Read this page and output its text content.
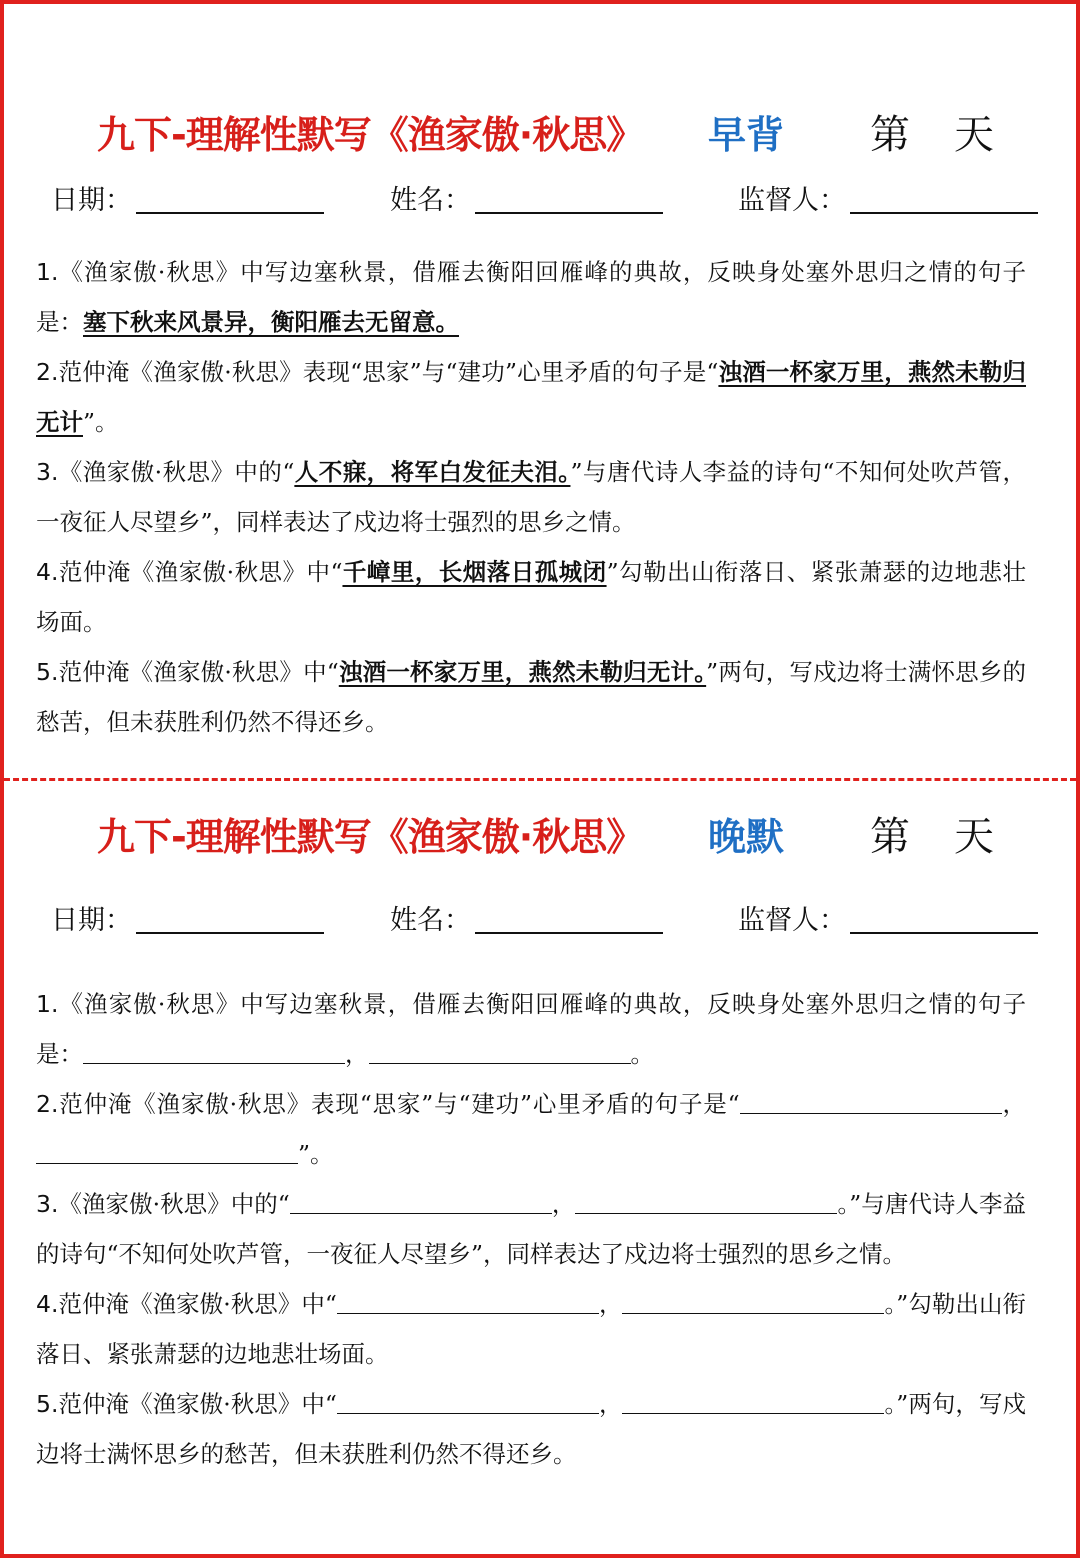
九下-理解性默写《渔家傲·秋思》 早背 第 天
日期：	姓名：	监督人：

1.《渔家傲·秋思》中写边塞秋景，借雁去衡阳回雁峰的典故，反映身处塞外思归之情的句子是：塞下秋来风景异，衡阳雁去无留意。

2.范仲淹《渔家傲·秋思》表现“思家”与“建功”心里矛盾的句子是“浊酒一杯家万里，燕然未勒归无计”。

3.《渔家傲·秋思》中的“人不寐，将军白发征夫泪。”与唐代诗人李益的诗句“不知何处吹芦管，一夜征人尽望乡”，同样表达了戍边将士强烈的思乡之情。

4.范仲淹《渔家傲·秋思》中“千嶂里，长烟落日孤城闭”勾勒出山衔落日、紧张萧瑟的边地悲壮场面。

5.范仲淹《渔家傲·秋思》中“浊酒一杯家万里，燕然未勒归无计。”两句，写戍边将士满怀思乡的愁苦，但未获胜利仍然不得还乡。

九下-理解性默写《渔家傲·秋思》 晚默 第 天
日期：	姓名：	监督人：

1.《渔家傲·秋思》中写边塞秋景，借雁去衡阳回雁峰的典故，反映身处塞外思归之情的句子是：	，	。

2.范仲淹《渔家傲·秋思》表现“思家”与“建功”心里矛盾的句子是“	，”。

3.《渔家傲·秋思》中的“	，	。”与唐代诗人李益的诗句“不知何处吹芦管，一夜征人尽望乡”，同样表达了戍边将士强烈的思乡之情。

4.范仲淹《渔家傲·秋思》中“	，	。”勾勒出山衔落日、紧张萧瑟的边地悲壮场面。

5.范仲淹《渔家傲·秋思》中“	，	。”两句，写戍边将士满怀思乡的愁苦，但未获胜利仍然不得还乡。
